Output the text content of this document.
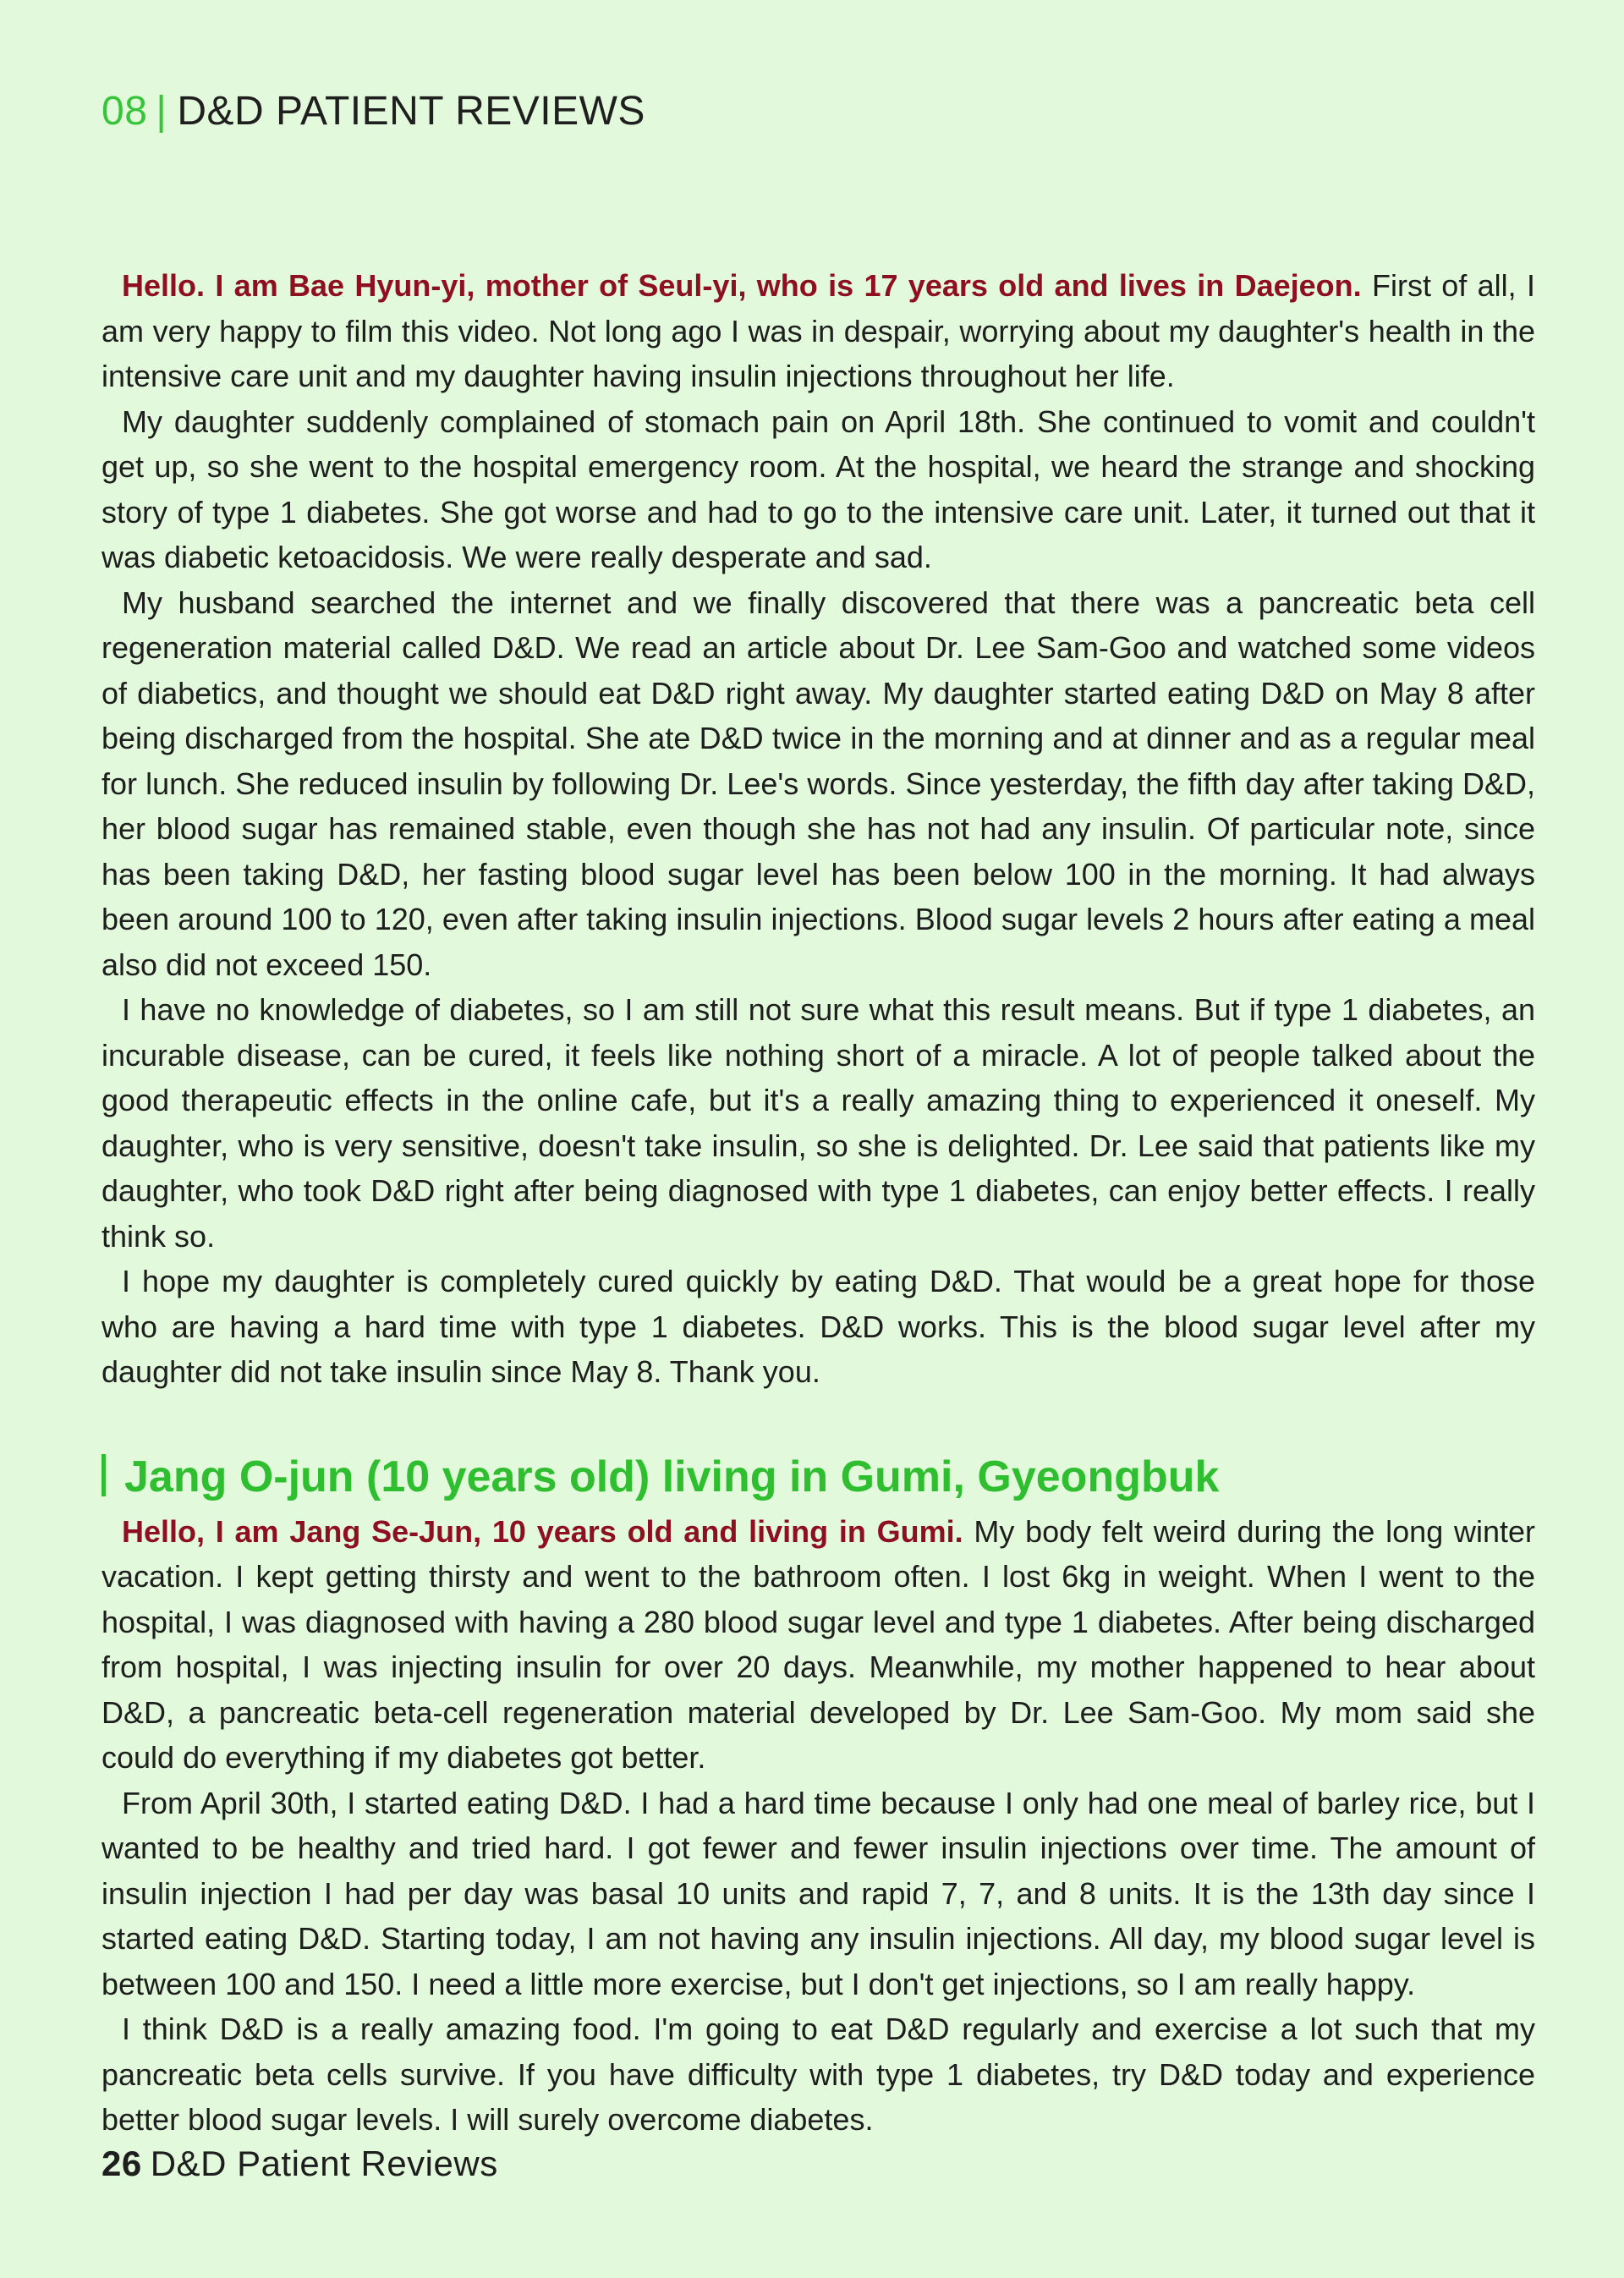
08 | D&D PATIENT REVIEWS

Hello. I am Bae Hyun-yi, mother of Seul-yi, who is 17 years old and lives in Daejeon. First of all, I am very happy to film this video. Not long ago I was in despair, worrying about my daughter's health in the intensive care unit and my daughter having insulin injections throughout her life.

My daughter suddenly complained of stomach pain on April 18th. She continued to vomit and couldn't get up, so she went to the hospital emergency room. At the hospital, we heard the strange and shocking story of type 1 diabetes. She got worse and had to go to the intensive care unit. Later, it turned out that it was diabetic ketoacidosis. We were really desperate and sad.

My husband searched the internet and we finally discovered that there was a pancreatic beta cell regeneration material called D&D. We read an article about Dr. Lee Sam-Goo and watched some videos of diabetics, and thought we should eat D&D right away. My daughter started eating D&D on May 8 after being discharged from the hospital. She ate D&D twice in the morning and at dinner and as a regular meal for lunch. She reduced insulin by following Dr. Lee's words. Since yesterday, the fifth day after taking D&D, her blood sugar has remained stable, even though she has not had any insulin. Of particular note, since has been taking D&D, her fasting blood sugar level has been below 100 in the morning. It had always been around 100 to 120, even after taking insulin injections. Blood sugar levels 2 hours after eating a meal also did not exceed 150.

I have no knowledge of diabetes, so I am still not sure what this result means. But if type 1 diabetes, an incurable disease, can be cured, it feels like nothing short of a miracle. A lot of people talked about the good therapeutic effects in the online cafe, but it's a really amazing thing to experienced it oneself. My daughter, who is very sensitive, doesn't take insulin, so she is delighted. Dr. Lee said that patients like my daughter, who took D&D right after being diagnosed with type 1 diabetes, can enjoy better effects. I really think so.

I hope my daughter is completely cured quickly by eating D&D. That would be a great hope for those who are having a hard time with type 1 diabetes. D&D works. This is the blood sugar level after my daughter did not take insulin since May 8. Thank you.

Jang O-jun (10 years old) living in Gumi, Gyeongbuk

Hello, I am Jang Se-Jun, 10 years old and living in Gumi. My body felt weird during the long winter vacation. I kept getting thirsty and went to the bathroom often. I lost 6kg in weight. When I went to the hospital, I was diagnosed with having a 280 blood sugar level and type 1 diabetes. After being discharged from hospital, I was injecting insulin for over 20 days. Meanwhile, my mother happened to hear about D&D, a pancreatic beta-cell regeneration material developed by Dr. Lee Sam-Goo. My mom said she could do everything if my diabetes got better.

From April 30th, I started eating D&D. I had a hard time because I only had one meal of barley rice, but I wanted to be healthy and tried hard. I got fewer and fewer insulin injections over time. The amount of insulin injection I had per day was basal 10 units and rapid 7, 7, and 8 units. It is the 13th day since I started eating D&D. Starting today, I am not having any insulin injections. All day, my blood sugar level is between 100 and 150. I need a little more exercise, but I don't get injections, so I am really happy.

I think D&D is a really amazing food. I'm going to eat D&D regularly and exercise a lot such that my pancreatic beta cells survive. If you have difficulty with type 1 diabetes, try D&D today and experience better blood sugar levels. I will surely overcome diabetes.

26 D&D Patient Reviews
